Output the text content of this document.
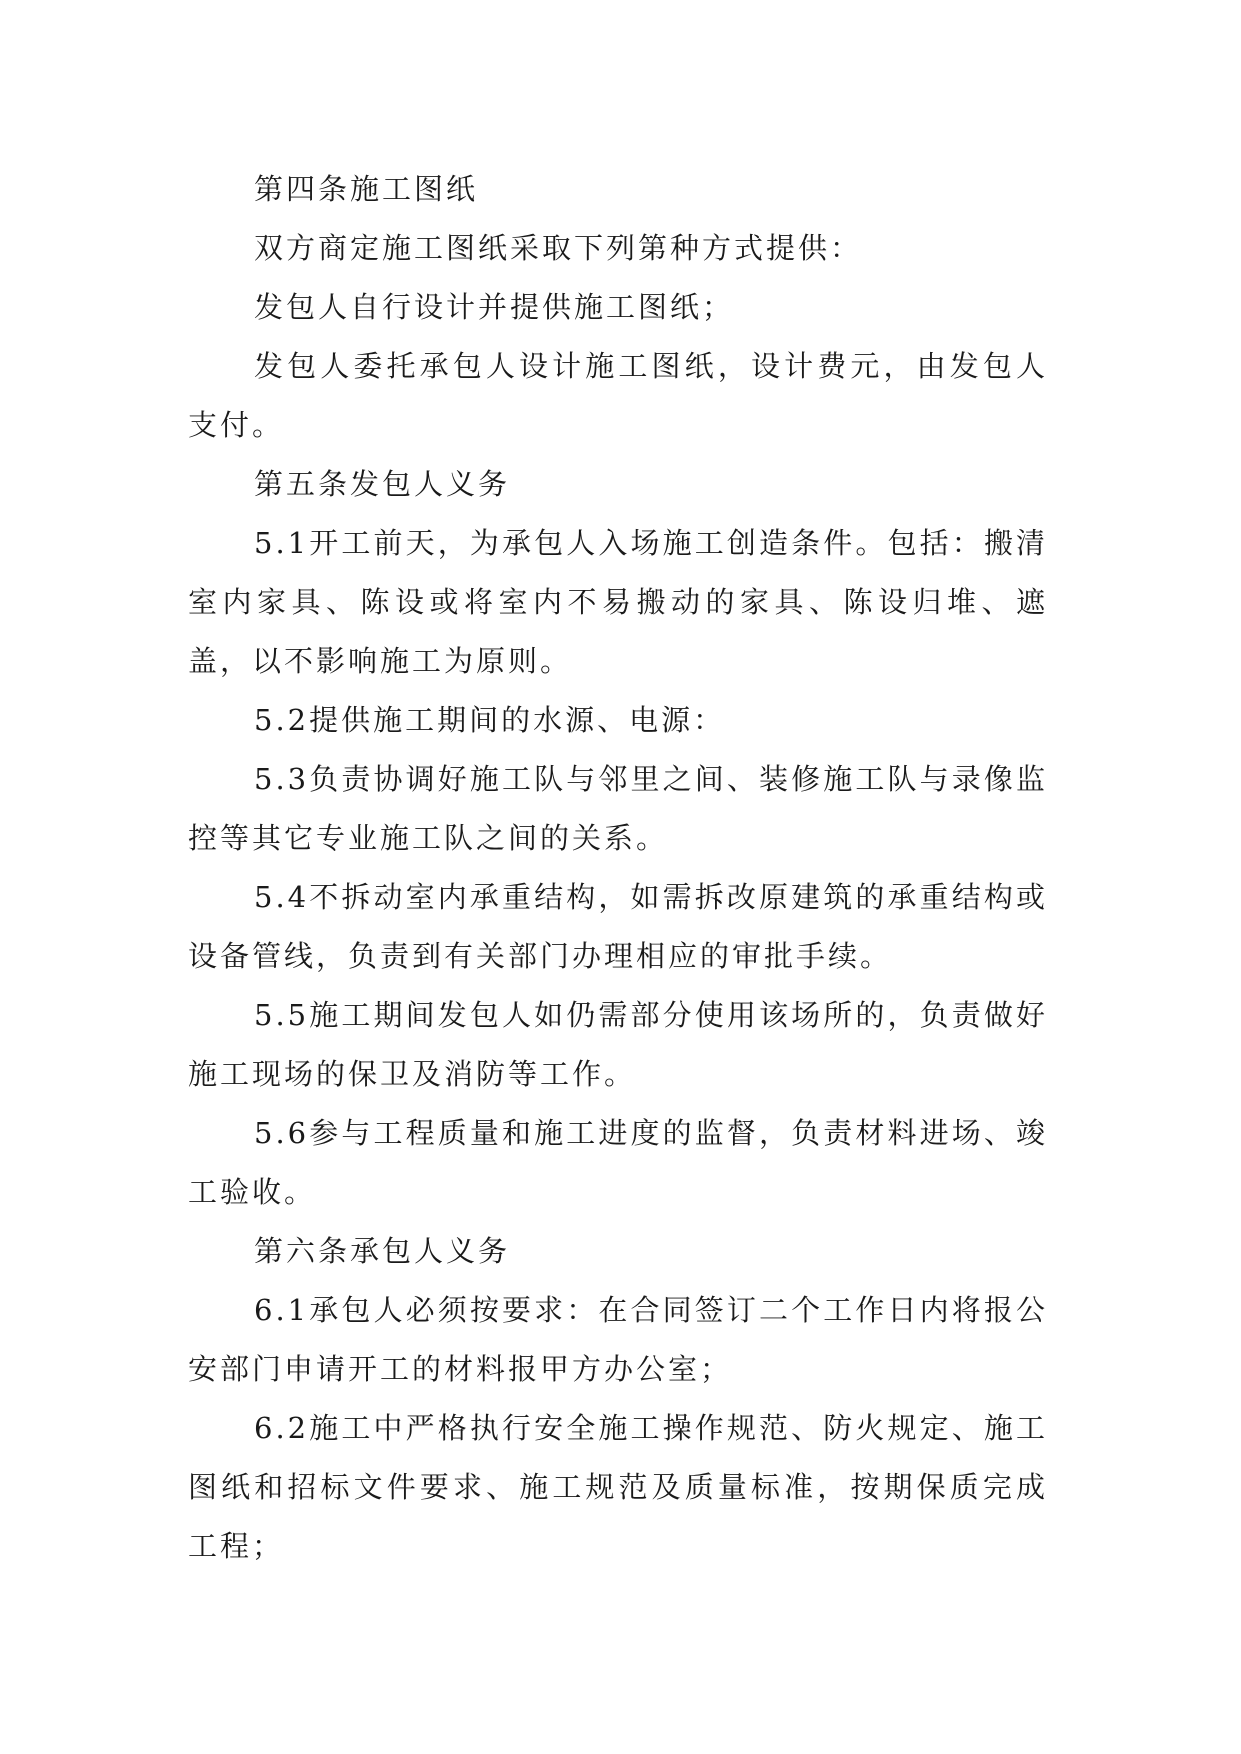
第四条施工图纸

双方商定施工图纸采取下列第种方式提供：

发包人自行设计并提供施工图纸；

发包人委托承包人设计施工图纸，设计费元，由发包人支付。

第五条发包人义务

5.1开工前天，为承包人入场施工创造条件。包括：搬清室内家具、陈设或将室内不易搬动的家具、陈设归堆、遮盖，以不影响施工为原则。

5.2提供施工期间的水源、电源：

5.3负责协调好施工队与邻里之间、装修施工队与录像监控等其它专业施工队之间的关系。

5.4不拆动室内承重结构，如需拆改原建筑的承重结构或设备管线，负责到有关部门办理相应的审批手续。

5.5施工期间发包人如仍需部分使用该场所的，负责做好施工现场的保卫及消防等工作。

5.6参与工程质量和施工进度的监督，负责材料进场、竣工验收。

第六条承包人义务

6.1承包人必须按要求：在合同签订二个工作日内将报公安部门申请开工的材料报甲方办公室；

6.2施工中严格执行安全施工操作规范、防火规定、施工图纸和招标文件要求、施工规范及质量标准，按期保质完成工程；
